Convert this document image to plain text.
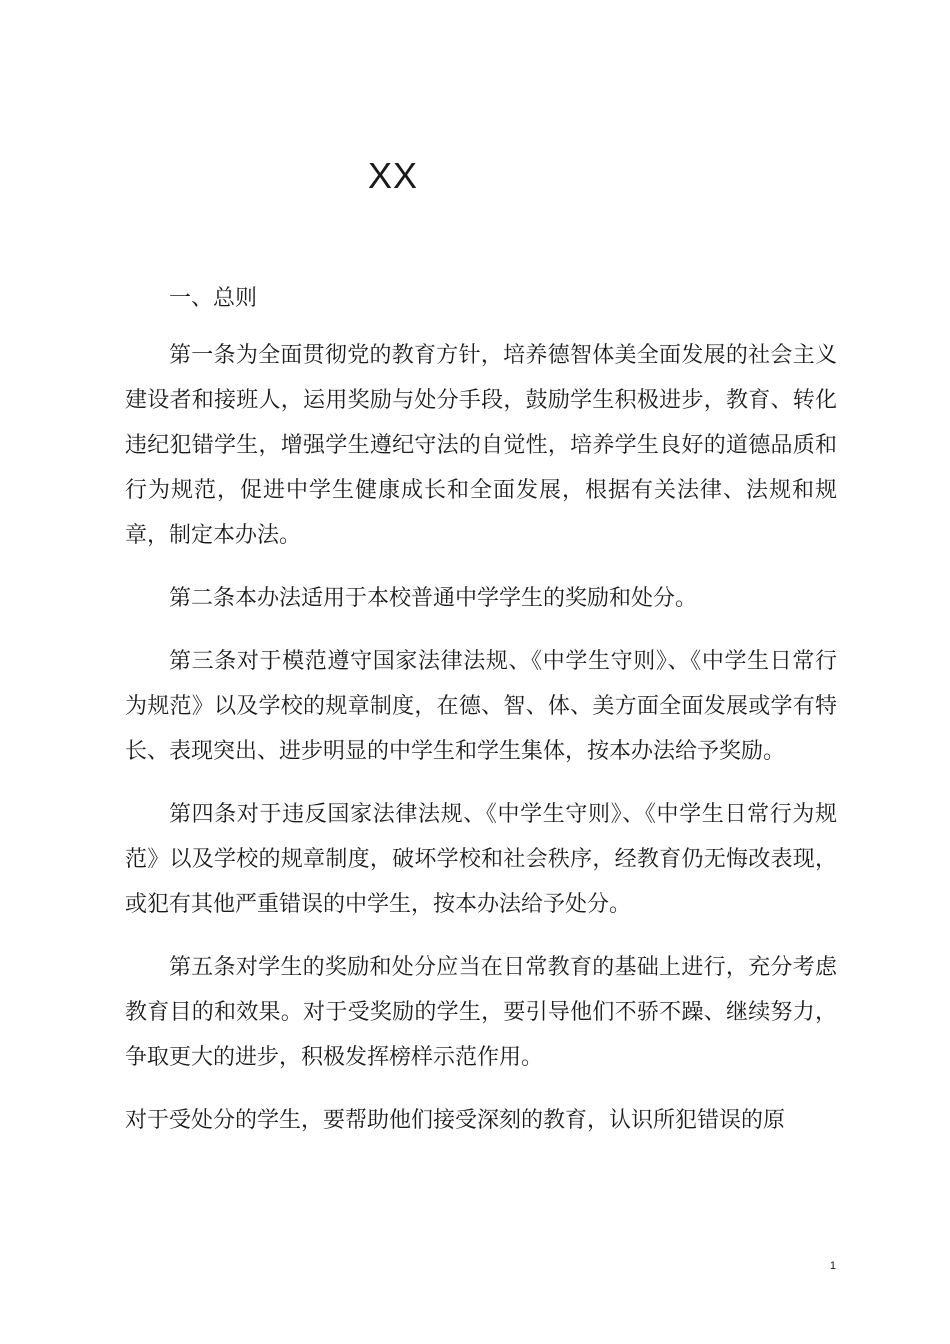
XX

一、总则

第一条为全面贯彻党的教育方针，培养德智体美全面发展的社会主义建设者和接班人，运用奖励与处分手段，鼓励学生积极进步，教育、转化违纪犯错学生，增强学生遵纪守法的自觉性，培养学生良好的道德品质和行为规范，促进中学生健康成长和全面发展，根据有关法律、法规和规章，制定本办法。

第二条本办法适用于本校普通中学学生的奖励和处分。

第三条对于模范遵守国家法律法规、《中学生守则》、《中学生日常行为规范》以及学校的规章制度，在德、智、体、美方面全面发展或学有特长、表现突出、进步明显的中学生和学生集体，按本办法给予奖励。

第四条对于违反国家法律法规、《中学生守则》、《中学生日常行为规范》以及学校的规章制度，破坏学校和社会秩序，经教育仍无悔改表现，或犯有其他严重错误的中学生，按本办法给予处分。

第五条对学生的奖励和处分应当在日常教育的基础上进行，充分考虑教育目的和效果。对于受奖励的学生，要引导他们不骄不躁、继续努力，争取更大的进步，积极发挥榜样示范作用。

对于受处分的学生，要帮助他们接受深刻的教育，认识所犯错误的原

1
